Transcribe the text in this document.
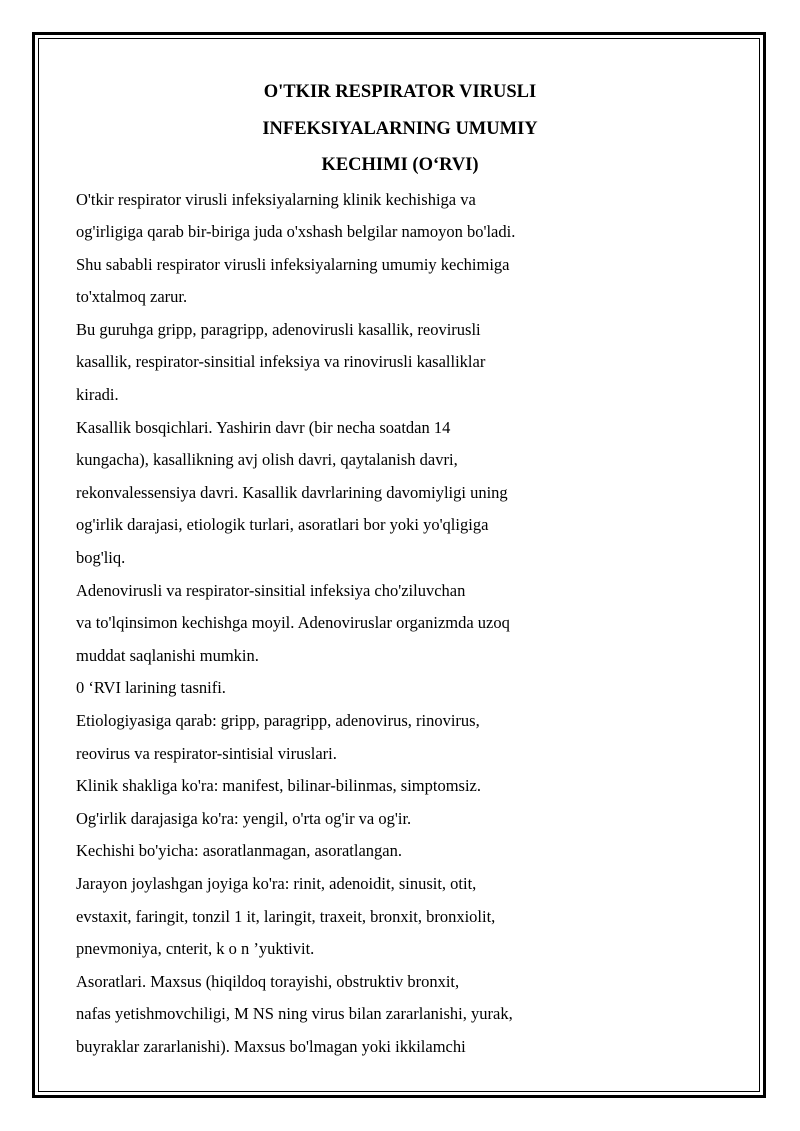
O'TKIR RESPIRATOR VIRUSLI
INFEKSIYALARNING UMUMIY
KECHIMI (O‘RVI)
O'tkir respirator virusli infeksiyalarning klinik kechishiga va
og'irligiga qarab bir-biriga juda o'xshash belgilar namoyon bo'ladi.
Shu sababli respirator virusli infeksiyalarning umumiy kechimiga
to'xtalmoq zarur.
Bu guruhga gripp, paragripp, adenovirusli kasallik, reovirusli
kasallik, respirator-sinsitial infeksiya va rinovirusli kasalliklar
kiradi.
Kasallik bosqichlari. Yashirin davr (bir necha soatdan 14
kungacha), kasallikning avj olish davri, qaytalanish davri,
rekonvalessensiya davri. Kasallik davrlarining davomiyligi uning
og'irlik darajasi, etiologik turlari, asoratlari bor yoki yo'qligiga
bog'liq.
Adenovirusli va respirator-sinsitial infeksiya cho'ziluvchan
va to'lqinsimon kechishga moyil. Adenoviruslar organizmda uzoq
muddat saqlanishi mumkin.
0 ‘RVI larining tasnifi.
Etiologiyasiga qarab: gripp, paragripp, adenovirus, rinovirus,
reovirus va respirator-sintisial viruslari.
Klinik shakliga ko'ra: manifest, bilinar-bilinmas, simptomsiz.
Og'irlik darajasiga ko'ra: yengil, o'rta og'ir va og'ir.
Kechishi bo'yicha: asoratlanmagan, asoratlangan.
Jarayon joylashgan joyiga ko'ra: rinit, adenoidit, sinusit, otit,
evstaxit, faringit, tonzil 1 it, laringit, traxeit, bronxit, bronxiolit,
pnevmoniya, cnterit, k o n ’yuktivit.
Asoratlari. Maxsus (hiqildoq torayishi, obstruktiv bronxit,
nafas yetishmovchiligi, M NS ning virus bilan zararlanishi, yurak,
buyraklar zararlanishi). Maxsus bo'lmagan yoki ikkilamchi
